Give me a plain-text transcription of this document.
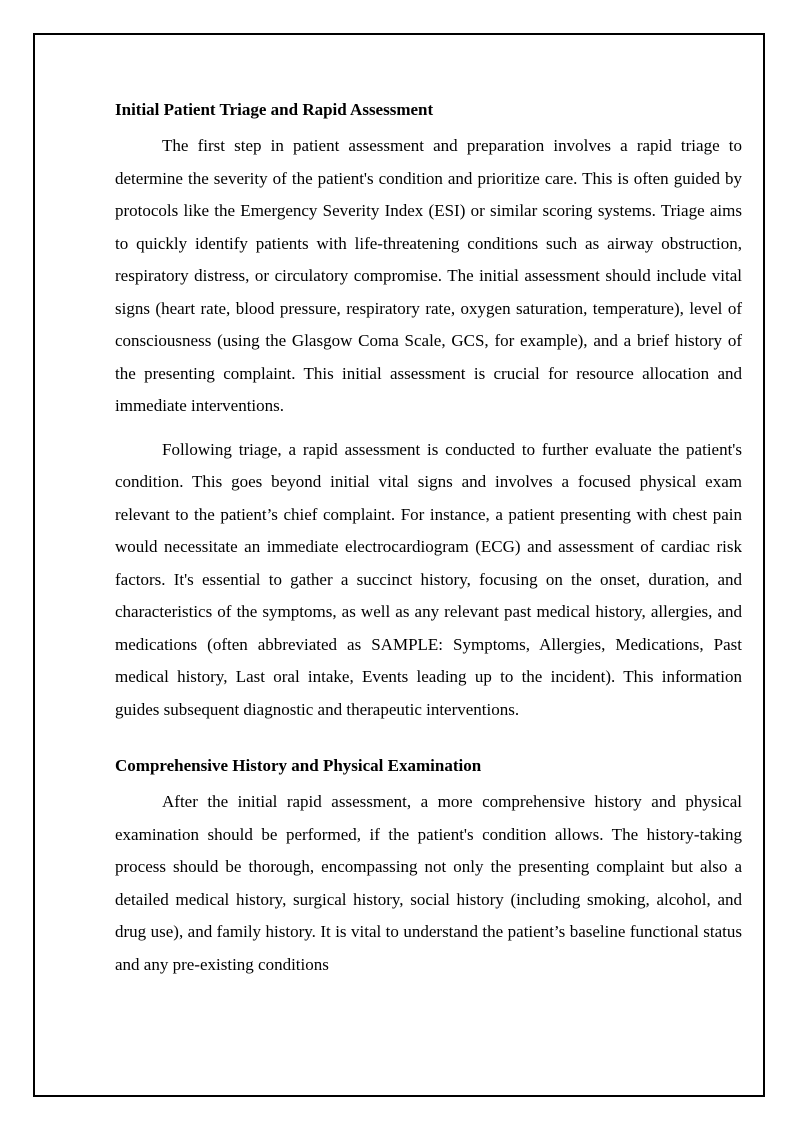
Initial Patient Triage and Rapid Assessment

The first step in patient assessment and preparation involves a rapid triage to determine the severity of the patient's condition and prioritize care. This is often guided by protocols like the Emergency Severity Index (ESI) or similar scoring systems. Triage aims to quickly identify patients with life-threatening conditions such as airway obstruction, respiratory distress, or circulatory compromise. The initial assessment should include vital signs (heart rate, blood pressure, respiratory rate, oxygen saturation, temperature), level of consciousness (using the Glasgow Coma Scale, GCS, for example), and a brief history of the presenting complaint. This initial assessment is crucial for resource allocation and immediate interventions.

Following triage, a rapid assessment is conducted to further evaluate the patient's condition. This goes beyond initial vital signs and involves a focused physical exam relevant to the patient’s chief complaint. For instance, a patient presenting with chest pain would necessitate an immediate electrocardiogram (ECG) and assessment of cardiac risk factors. It's essential to gather a succinct history, focusing on the onset, duration, and characteristics of the symptoms, as well as any relevant past medical history, allergies, and medications (often abbreviated as SAMPLE: Symptoms, Allergies, Medications, Past medical history, Last oral intake, Events leading up to the incident). This information guides subsequent diagnostic and therapeutic interventions.

Comprehensive History and Physical Examination

After the initial rapid assessment, a more comprehensive history and physical examination should be performed, if the patient's condition allows. The history-taking process should be thorough, encompassing not only the presenting complaint but also a detailed medical history, surgical history, social history (including smoking, alcohol, and drug use), and family history. It is vital to understand the patient’s baseline functional status and any pre-existing conditions
